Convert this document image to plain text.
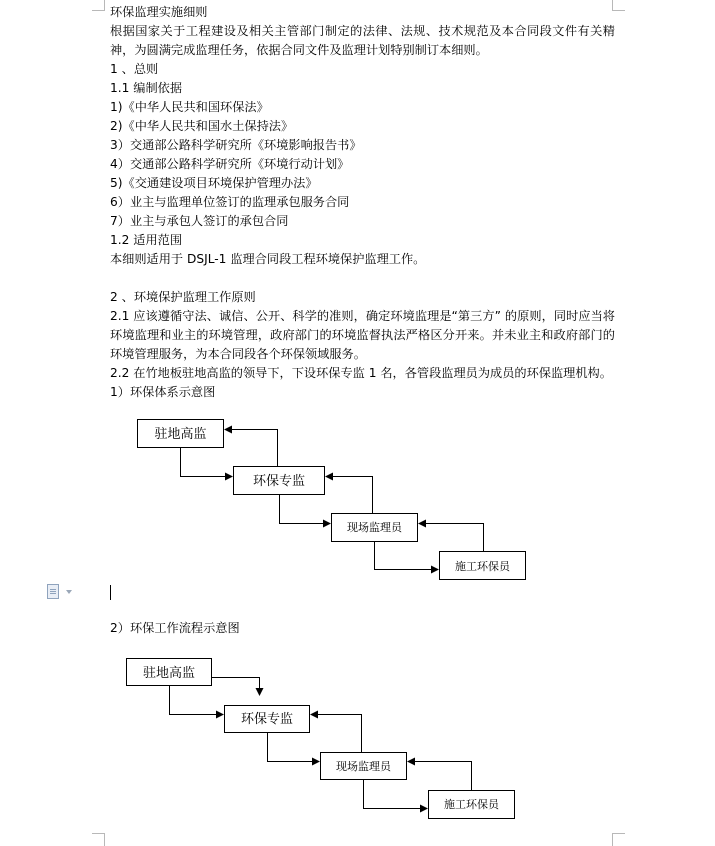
环保监理实施细则

根据国家关于工程建设及相关主管部门制定的法律、法规、技术规范及本合同段文件有关精神，为圆满完成监理任务，依据合同文件及监理计划特别制订本细则。

1 、总则

1.1 编制依据

1)《中华人民共和国环保法》

2)《中华人民共和国水土保持法》

3）交通部公路科学研究所《环境影响报告书》

4）交通部公路科学研究所《环境行动计划》

5)《交通建设项目环境保护管理办法》

6）业主与监理单位签订的监理承包服务合同

7）业主与承包人签订的承包合同

1.2 适用范围

本细则适用于 DSJL-1 监理合同段工程环境保护监理工作。

2 、环境保护监理工作原则

2.1 应该遵循守法、诚信、公开、科学的准则，确定环境监理是“第三方” 的原则，同时应当将环境监理和业主的环境管理，政府部门的环境监督执法严格区分开来。并未业主和政府部门的环境管理服务，为本合同段各个环保领域服务。

2.2 在竹地板驻地高监的领导下，下设环保专监 1 名，各管段监理员为成员的环保监理机构。

1）环保体系示意图

2）环保工作流程示意图

驻地高监
环保专监
现场监理员
施工环保员
驻地高监
环保专监
现场监理员
施工环保员
